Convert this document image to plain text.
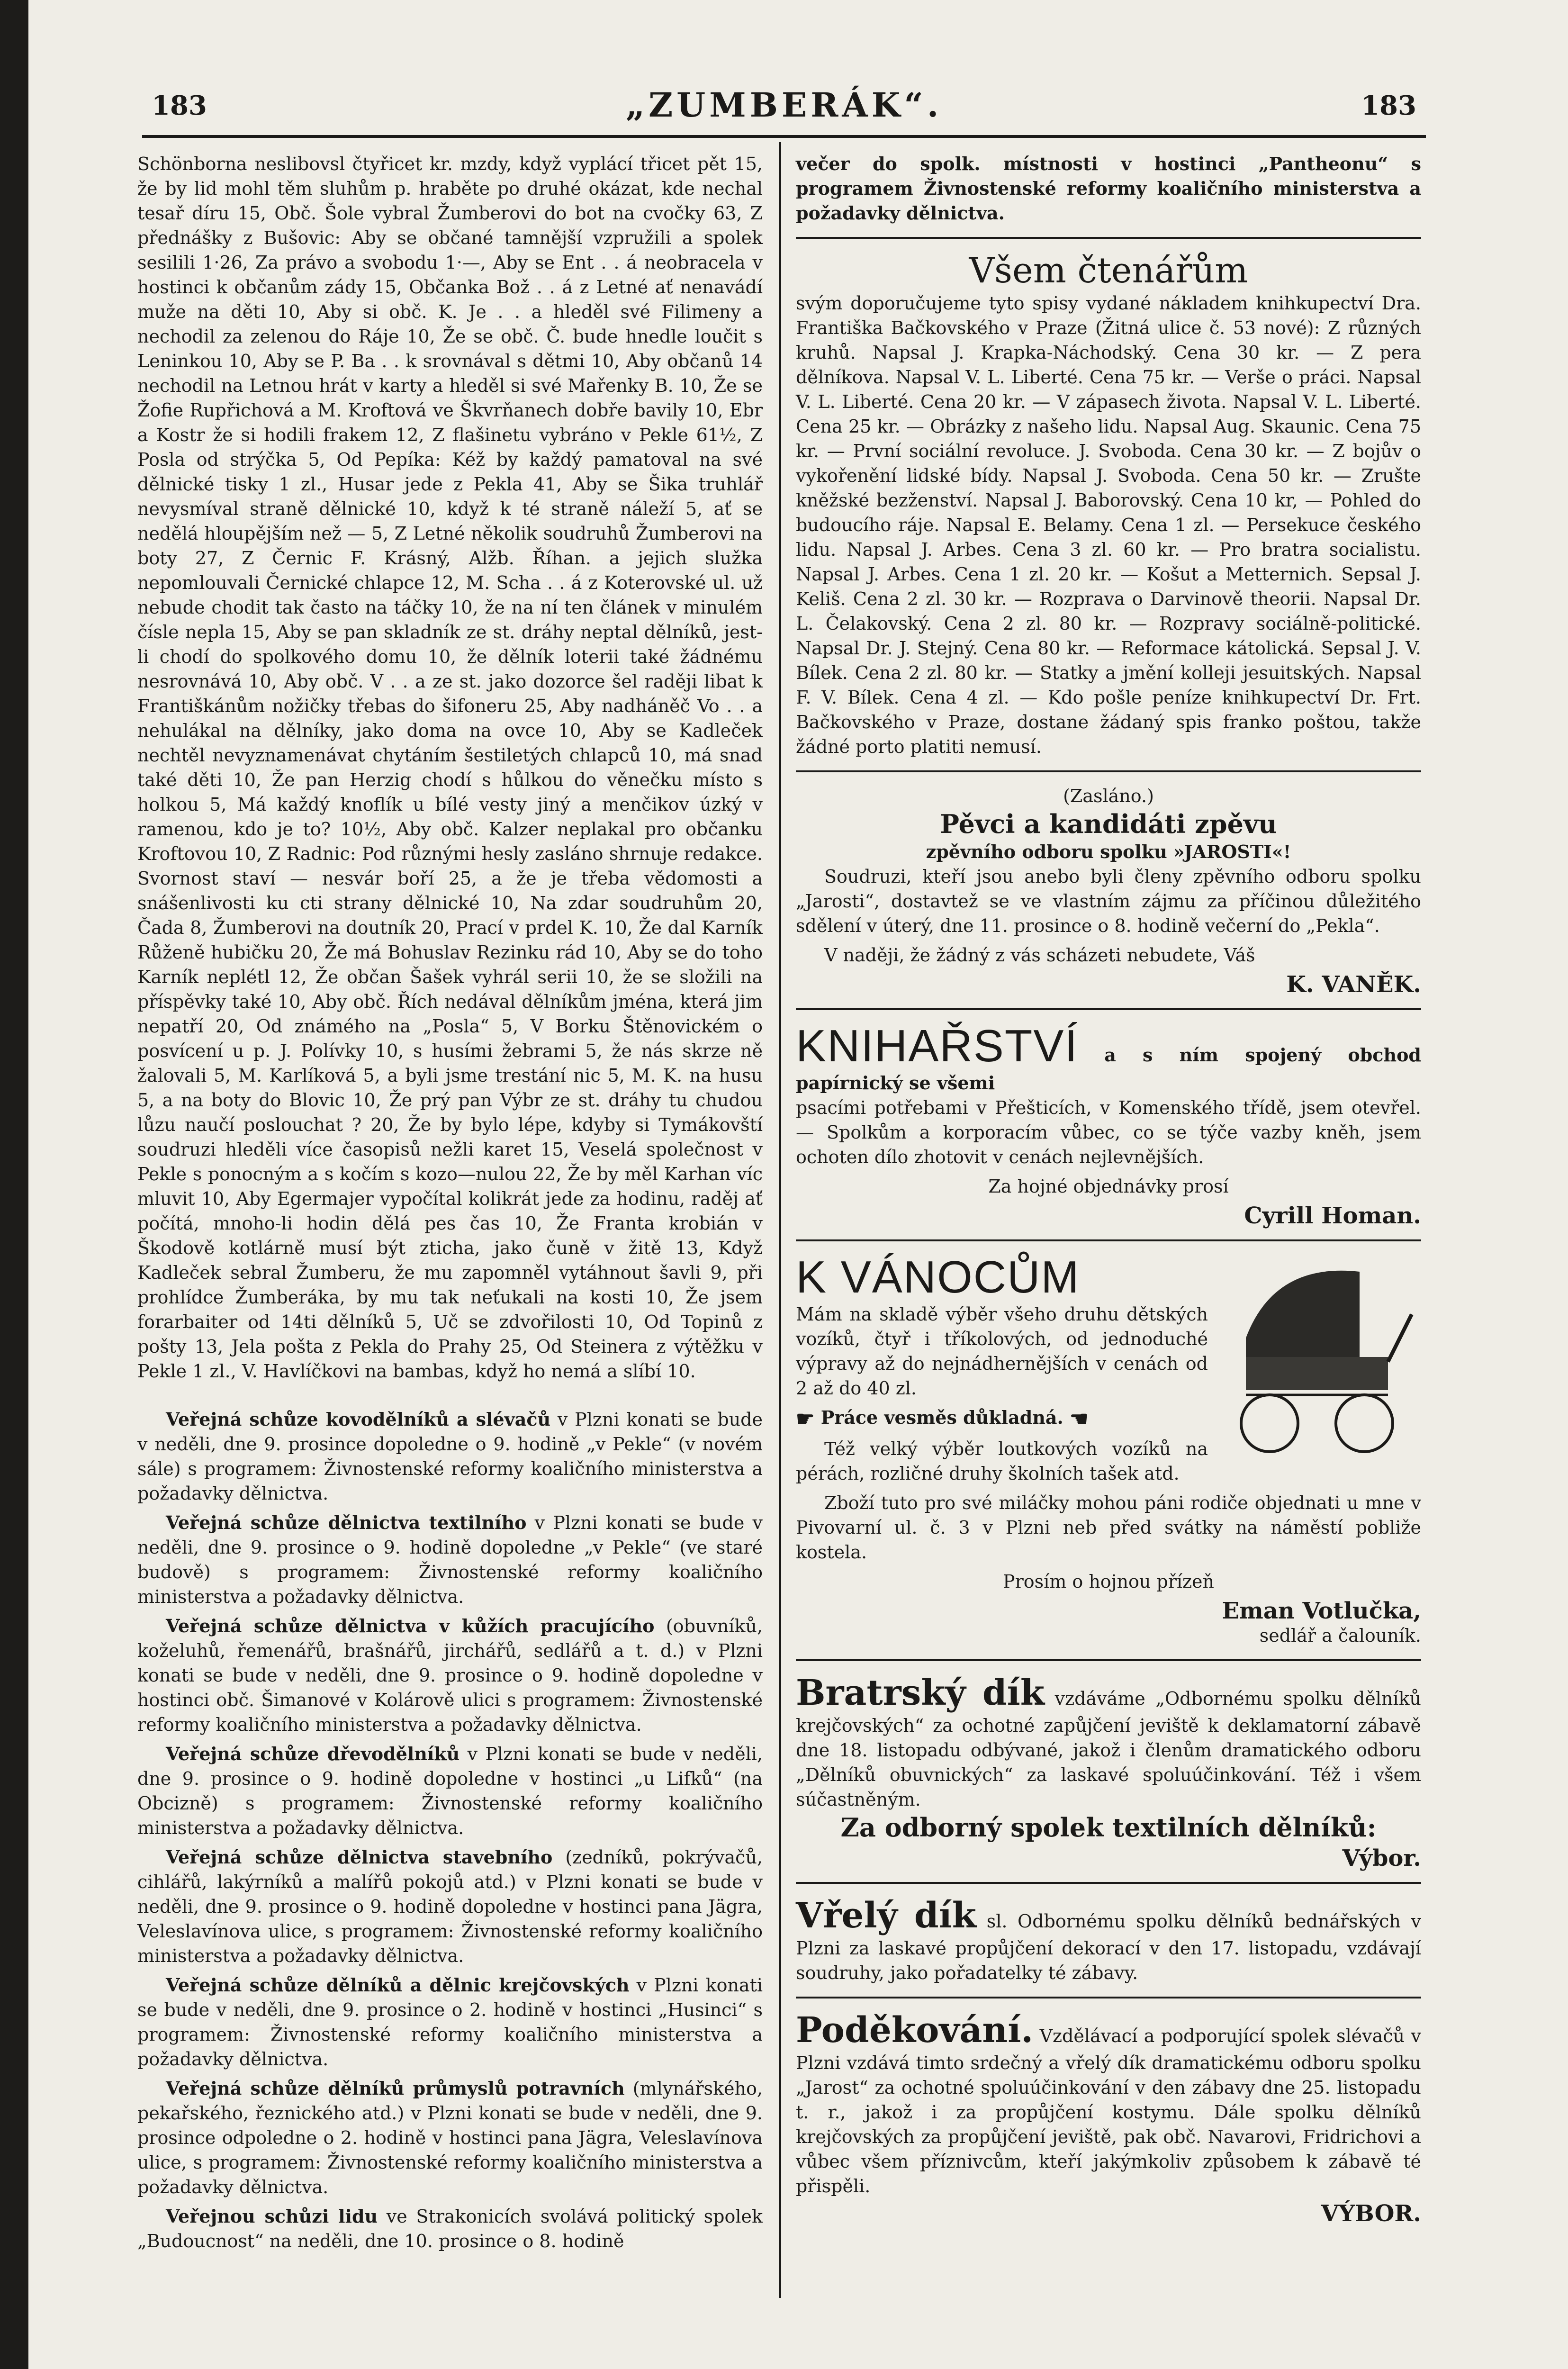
183	„ZUMBERÁK“.	183

Schönborna neslibovsl čtyřicet kr. mzdy, když vyplácí třicet pět 15, že by lid mohl těm sluhům p. hraběte po druhé okázat, kde nechal tesař díru 15, Obč. Šole vybral Žumberovi do bot na cvočky 63, Z přednášky z Bušovic: Aby se občané tamnější vzpružili a spolek sesilili 1·26, Za právo a svobodu 1·—, Aby se Ent . . á neobracela v hostinci k občanům zády 15, Občanka Bož . . á z Letné ať nenavádí muže na děti 10, Aby si obč. K. Je . . a hleděl své Filimeny a nechodil za zelenou do Ráje 10, Že se obč. Č. bude hnedle loučit s Leninkou 10, Aby se P. Ba . . k srovnával s dětmi 10, Aby občanů 14 nechodil na Letnou hrát v karty a hleděl si své Mařenky B. 10, Že se Žofie Rupřichová a M. Kroftová ve Škvrňanech dobře bavily 10, Ebr a Kostr že si hodili frakem 12, Z flašinetu vybráno v Pekle 61½, Z Posla od strýčka 5, Od Pepíka: Kéž by každý pamatoval na své dělnické tisky 1 zl., Husar jede z Pekla 41, Aby se Šika truhlář nevysmíval straně dělnické 10, když k té straně náleží 5, ať se nedělá hloupějším než — 5, Z Letné několik soudruhů Žumberovi na boty 27, Z Černic F. Krásný, Alžb. Říhan. a jejich služka nepomlouvali Černické chlapce 12, M. Scha . . á z Koterovské ul. už nebude chodit tak často na táčky 10, že na ní ten článek v minulém čísle nepla 15, Aby se pan skladník ze st. dráhy neptal dělníků, jest-li chodí do spolkového domu 10, že dělník loterii také žádnému nesrovnává 10, Aby obč. V . . a ze st. jako dozorce šel raději libat k Františkánům nožičky třebas do šifoneru 25, Aby nadháněč Vo . . a nehulákal na dělníky, jako doma na ovce 10, Aby se Kadleček nechtěl nevyznamenávat chytáním šestiletých chlapců 10, má snad také děti 10, Že pan Herzig chodí s hůlkou do věnečku místo s holkou 5, Má každý knoflík u bílé vesty jiný a menčikov úzký v ramenou, kdo je to? 10½, Aby obč. Kalzer neplakal pro občanku Kroftovou 10, Z Radnic: Pod různými hesly zasláno shrnuje redakce. Svornost staví — nesvár boří 25, a že je třeba vědomosti a snášenlivosti ku cti strany dělnické 10, Na zdar soudruhům 20, Čada 8, Žumberovi na doutník 20, Prací v prdel K. 10, Že dal Karník Růženě hubičku 20, Že má Bohuslav Rezinku rád 10, Aby se do toho Karník neplétl 12, Že občan Šašek vyhrál serii 10, že se složili na příspěvky také 10, Aby obč. Řích nedával dělníkům jména, která jim nepatří 20, Od známého na „Posla“ 5, V Borku Štěnovickém o posvícení u p. J. Polívky 10, s husími žebrami 5, že nás skrze ně žalovali 5, M. Karlíková 5, a byli jsme trestání nic 5, M. K. na husu 5, a na boty do Blovic 10, Že prý pan Výbr ze st. dráhy tu chudou lůzu naučí poslouchat ? 20, Že by bylo lépe, kdyby si Tymákovští soudruzi hleděli více časopisů nežli karet 15, Veselá společnost v Pekle s ponocným a s kočím s kozo—nulou 22, Že by měl Karhan víc mluvit 10, Aby Egermajer vypočítal kolikrát jede za hodinu, raděj ať počítá, mnoho-li hodin dělá pes čas 10, Že Franta krobián v Škodově kotlárně musí být zticha, jako čuně v žitě 13, Když Kadleček sebral Žumberu, že mu zapomněl vytáhnout šavli 9, při prohlídce Žumberáka, by mu tak neťukali na kosti 10, Že jsem forarbaiter od 14ti dělníků 5, Uč se zdvořilosti 10, Od Topinů z pošty 13, Jela pošta z Pekla do Prahy 25, Od Steinera z výtěžku v Pekle 1 zl., V. Havlíčkovi na bambas, když ho nemá a slíbí 10.

Veřejná schůze kovodělníků a slévačů v Plzni konati se bude v neděli, dne 9. prosince dopoledne o 9. hodině „v Pekle“ (v novém sále) s programem: Živnostenské reformy koaličního ministerstva a požadavky dělnictva.

Veřejná schůze dělnictva textilního v Plzni konati se bude v neděli, dne 9. prosince o 9. hodině dopoledne „v Pekle“ (ve staré budově) s programem: Živnostenské reformy koaličního ministerstva a požadavky dělnictva.

Veřejná schůze dělnictva v kůžích pracujícího (obuvníků, koželuhů, řemenářů, brašnářů, jirchářů, sedlářů a t. d.) v Plzni konati se bude v neděli, dne 9. prosince o 9. hodině dopoledne v hostinci obč. Šimanové v Kolárově ulici s programem: Živnostenské reformy koaličního ministerstva a požadavky dělnictva.

Veřejná schůze dřevodělníků v Plzni konati se bude v neděli, dne 9. prosince o 9. hodině dopoledne v hostinci „u Lifků“ (na Obcizně) s programem: Živnostenské reformy koaličního ministerstva a požadavky dělnictva.

Veřejná schůze dělnictva stavebního (zedníků, pokrývačů, cihlářů, lakýrníků a malířů pokojů atd.) v Plzni konati se bude v neděli, dne 9. prosince o 9. hodině dopoledne v hostinci pana Jägra, Veleslavínova ulice, s programem: Živnostenské reformy koaličního ministerstva a požadavky dělnictva.

Veřejná schůze dělníků a dělnic krejčovských v Plzni konati se bude v neděli, dne 9. prosince o 2. hodině v hostinci „Husinci“ s programem: Živnostenské reformy koaličního ministerstva a požadavky dělnictva.

Veřejná schůze dělníků průmyslů potravních (mlynářského, pekařského, řeznického atd.) v Plzni konati se bude v neděli, dne 9. prosince odpoledne o 2. hodině v hostinci pana Jägra, Veleslavínova ulice, s programem: Živnostenské reformy koaličního ministerstva a požadavky dělnictva.

Veřejnou schůzi lidu ve Strakonicích svolává politický spolek „Budoucnost“ na neděli, dne 10. prosince o 8. hodině

večer do spolk. místnosti v hostinci „Pantheonu“ s programem Živnostenské reformy koaličního ministerstva a požadavky dělnictva.

Všem čtenářům

svým doporučujeme tyto spisy vydané nákladem knihkupectví Dra. Františka Bačkovského v Praze (Žitná ulice č. 53 nové): Z různých kruhů. Napsal J. Krapka-Náchodský. Cena 30 kr. — Z pera dělníkova. Napsal V. L. Liberté. Cena 75 kr. — Verše o práci. Napsal V. L. Liberté. Cena 20 kr. — V zápasech života. Napsal V. L. Liberté. Cena 25 kr. — Obrázky z našeho lidu. Napsal Aug. Skaunic. Cena 75 kr. — První sociální revoluce. J. Svoboda. Cena 30 kr. — Z bojův o vykořenění lidské bídy. Napsal J. Svoboda. Cena 50 kr. — Zrušte kněžské bezženství. Napsal J. Baborovský. Cena 10 kr, — Pohled do budoucího ráje. Napsal E. Belamy. Cena 1 zl. — Persekuce českého lidu. Napsal J. Arbes. Cena 3 zl. 60 kr. — Pro bratra socialistu. Napsal J. Arbes. Cena 1 zl. 20 kr. — Košut a Metternich. Sepsal J. Keliš. Cena 2 zl. 30 kr. — Rozprava o Darvinově theorii. Napsal Dr. L. Čelakovský. Cena 2 zl. 80 kr. — Rozpravy sociálně-politické. Napsal Dr. J. Stejný. Cena 80 kr. — Reformace kátolická. Sepsal J. V. Bílek. Cena 2 zl. 80 kr. — Statky a jmění kolleji jesuitských. Napsal F. V. Bílek. Cena 4 zl. — Kdo pošle peníze knihkupectví Dr. Frt. Bačkovského v Praze, dostane žádaný spis franko poštou, takže žádné porto platiti nemusí.

(Zasláno.)
Pěvci a kandidáti zpěvu
zpěvního odboru spolku »JAROSTI«!

Soudruzi, kteří jsou anebo byli členy zpěvního odboru spolku „Jarosti“, dostavtež se ve vlastním zájmu za příčinou důležitého sdělení v úterý, dne 11. prosince o 8. hodině večerní do „Pekla“.

V naději, že žádný z vás scházeti nebudete, Váš

K. VANĚK.
KNIHAŘSTVÍ a s ním spojený obchod papírnický se všemi

psacími potřebami v Přešticích, v Komenského třídě, jsem otevřel. — Spolkům a korporacím vůbec, co se týče vazby kněh, jsem ochoten dílo zhotovit v cenách nejlevnějších.

Za hojné objednávky prosí

Cyrill Homan.
K VÁNOCŮM

Mám na skladě výběr všeho druhu dětských vozíků, čtyř i tříkolových, od jednoduché výpravy až do nejnádhernějších v cenách od 2 až do 40 zl.

☛ Práce vesměs důkladná. ☚

Též velký výběr loutkových vozíků na pérách, rozličné druhy školních tašek atd.

Zboží tuto pro své miláčky mohou páni rodiče objednati u mne v Pivovarní ul. č. 3 v Plzni neb před svátky na náměstí pobliže kostela.

Prosím o hojnou přízeň

Eman Votlučka,
sedlář a čalouník.
Bratrský dík vzdáváme „Odbornému spolku dělníků krejčovských“ za ochotné zapůjčení jeviště k deklamatorní zábavě dne 18. listopadu odbývané, jakož i členům dramatického odboru „Dělníků obuvnických“ za laskavé spoluúčinkování. Též i všem súčastněným.
Za odborný spolek textilních dělníků:
Výbor.
Vřelý dík sl. Odbornému spolku dělníků bednářských v Plzni za laskavé propůjčení dekorací v den 17. listopadu, vzdávají soudruhy, jako pořadatelky té zábavy.
Poděkování. Vzdělávací a podporující spolek slévačů v Plzni vzdává timto srdečný a vřelý dík dramatickému odboru spolku „Jarost“ za ochotné spoluúčinkování v den zábavy dne 25. listopadu t. r., jakož i za propůjčení kostymu. Dále spolku dělníků krejčovských za propůjčení jeviště, pak obč. Navarovi, Fridrichovi a vůbec všem příznivcům, kteří jakýmkoliv způsobem k zábavě té přispěli.
VÝBOR.
